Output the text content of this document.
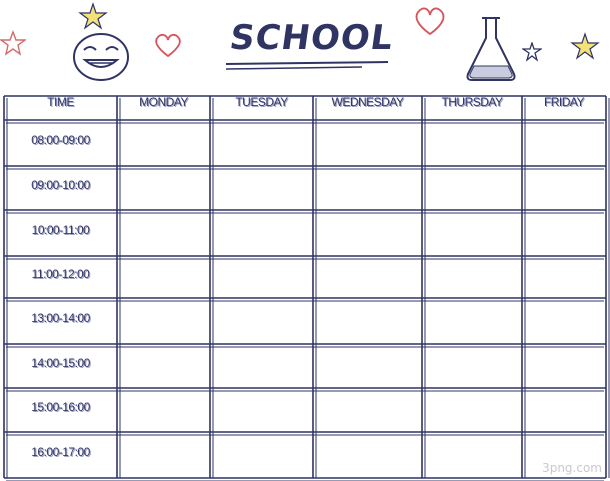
SCHOOL
TIME	MONDAY	TUESDAY	WEDNESDAY	THURSDAY	FRIDAY
08:00-09:00
09:00-10:00
10:00-11:00
11:00-12:00
13:00-14:00
14:00-15:00
15:00-16:00
16:00-17:00
3png.com
